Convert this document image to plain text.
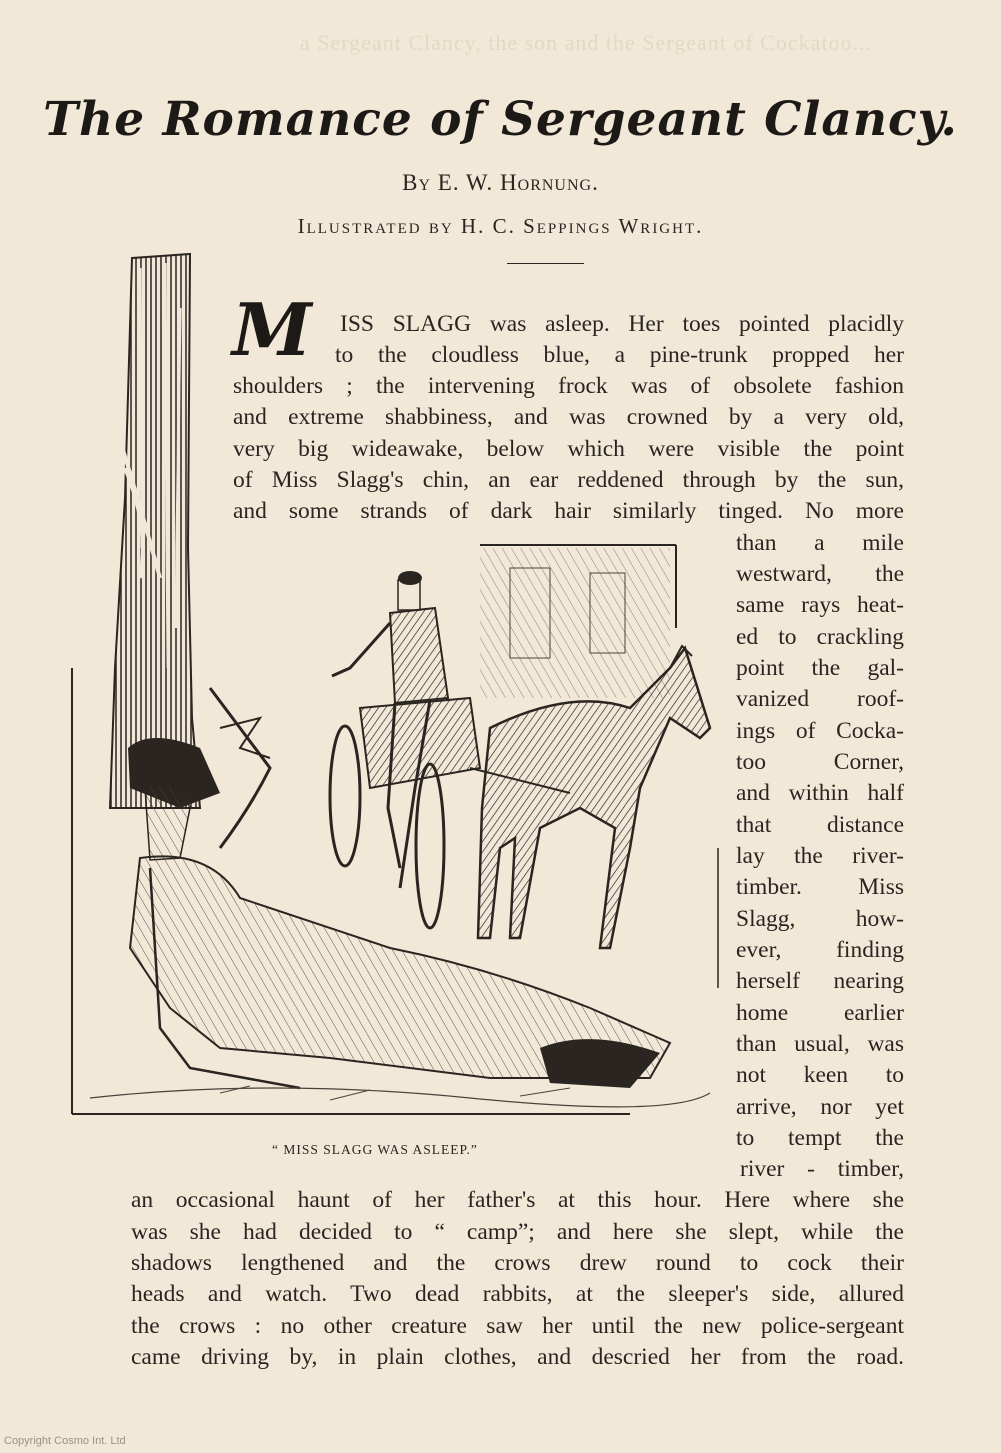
a Sergeant Clancy, the son and the Sergeant of Cockatoo...
The Romance of Sergeant Clancy.
By E. W. Hornung.
Illustrated by H. C. Seppings Wright.
“ MISS SLAGG WAS ASLEEP.”
M ISS SLAGG was asleep. Her toes pointed placidly
to the cloudless blue, a pine-trunk propped her
shoulders ; the intervening frock was of obsolete fashion
and extreme shabbiness, and was crowned by a very old,
very big wideawake, below which were visible the point
of Miss Slagg's chin, an ear reddened through by the sun,
and some strands of dark hair similarly tinged. No more
than a mile
westward, the
same rays heat-
ed to crackling
point the gal-
vanized roof-
ings of Cocka-
too Corner,
and within half
that distance
lay the river-
timber. Miss
Slagg, how-
ever, finding
herself nearing
home earlier
than usual, was
not keen to
arrive, nor yet
to tempt the
river - timber,
an occasional haunt of her father's at this hour. Here where she
was she had decided to “ camp”; and here she slept, while the
shadows lengthened and the crows drew round to cock their
heads and watch. Two dead rabbits, at the sleeper's side, allured
the crows : no other creature saw her until the new police-sergeant
came driving by, in plain clothes, and descried her from the road.
Copyright Cosmo Int. Ltd
